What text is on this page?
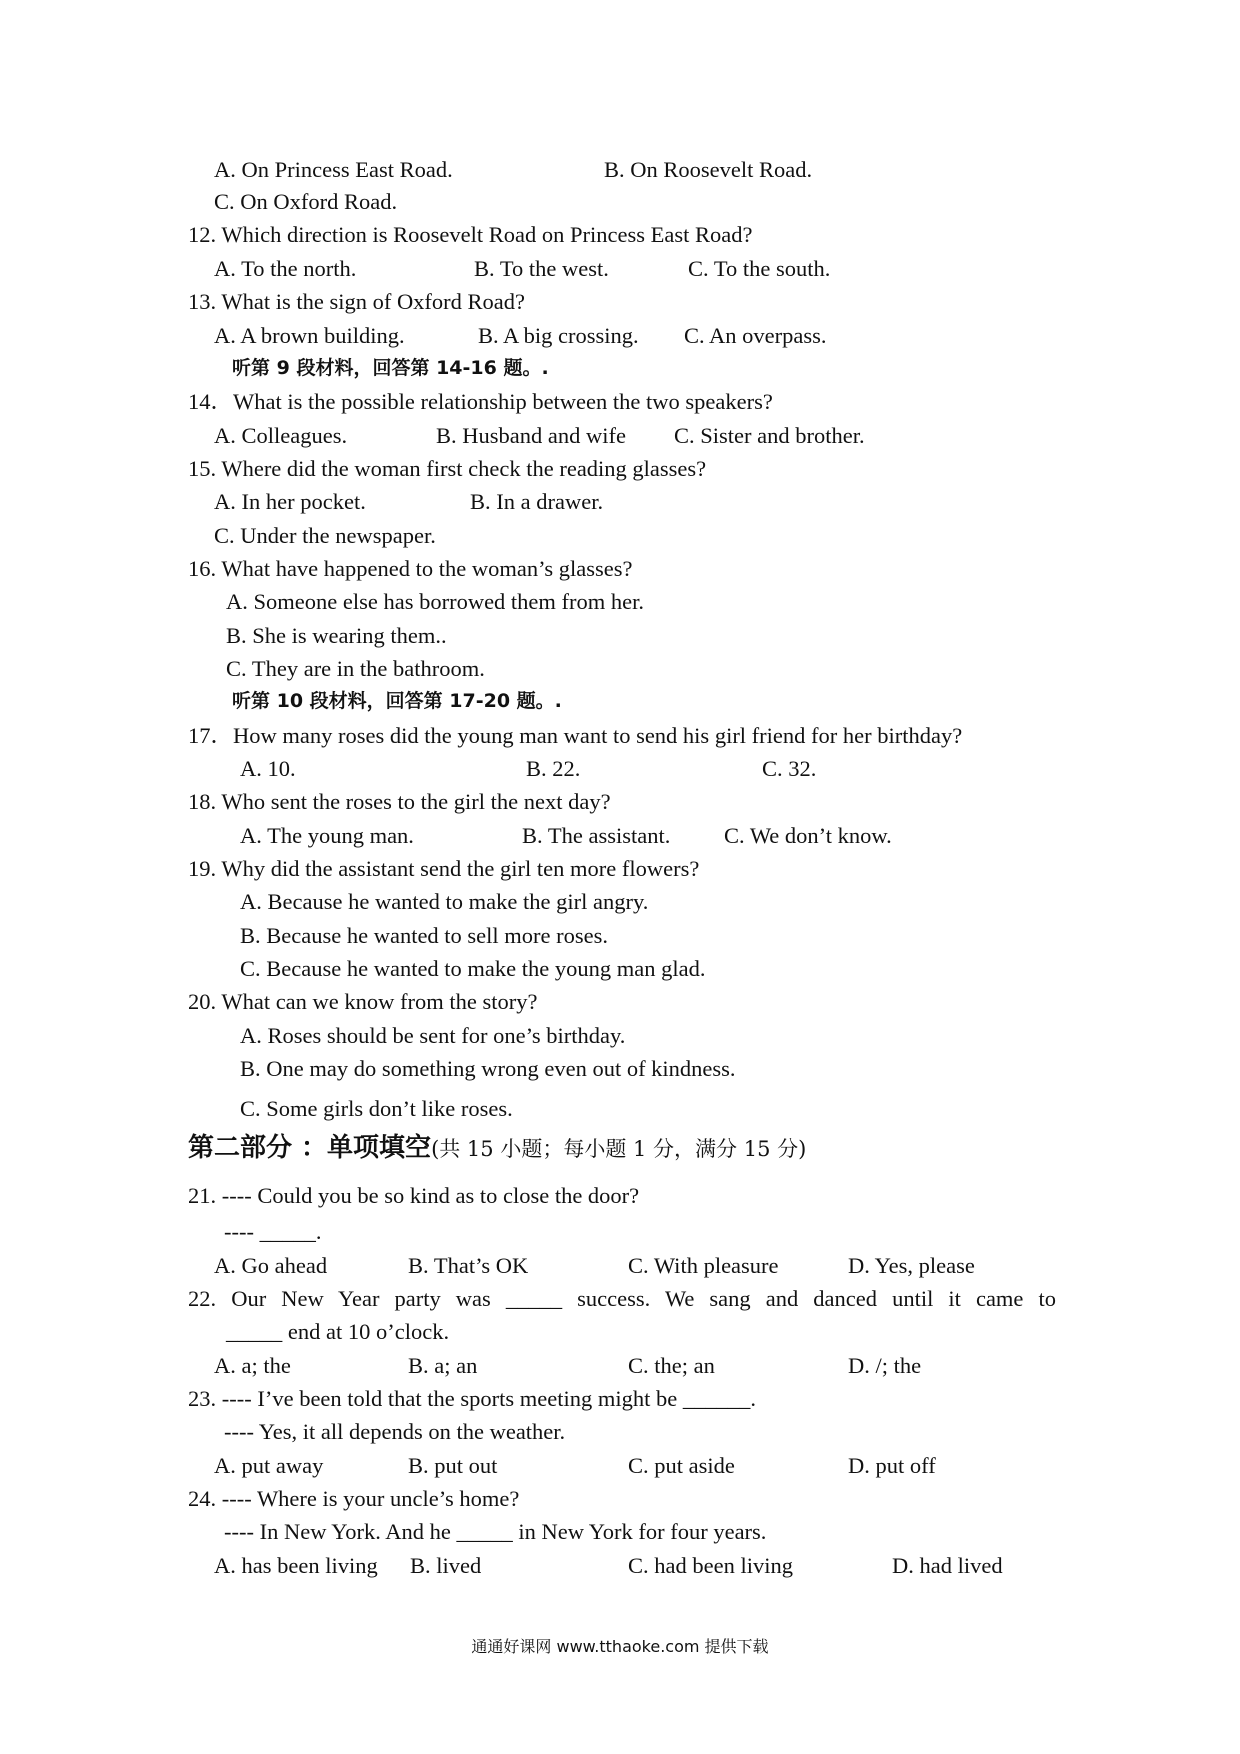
A. On Princess East Road.	B. On Roosevelt Road.
C. On Oxford Road.
12. Which direction is Roosevelt Road on Princess East Road?
A. To the north.	B. To the west.	C. To the south.
13. What is the sign of Oxford Road?
A. A brown building.	B. A big crossing. C. An overpass.
听第 9 段材料，回答第 14-16 题。.
14．What is the possible relationship between the two speakers?
A. Colleagues.	B. Husband and wife C. Sister and brother.
15. Where did the woman first check the reading glasses?
A. In her pocket.	B. In a drawer.
C. Under the newspaper.
16. What have happened to the woman’s glasses?
A. Someone else has borrowed them from her.
B. She is wearing them..
C. They are in the bathroom.
听第 10 段材料，回答第 17-20 题。.
17．How many roses did the young man want to send his girl friend for her birthday?
A. 10.	B. 22.	C. 32.
18. Who sent the roses to the girl the next day?
A. The young man.	B. The assistant. C. We don’t know.
19. Why did the assistant send the girl ten more flowers?
A. Because he wanted to make the girl angry.
B. Because he wanted to sell more roses.
C. Because he wanted to make the young man glad.
20. What can we know from the story?
A. Roses should be sent for one’s birthday.
B. One may do something wrong even out of kindness.
C. Some girls don’t like roses.
第二部分 ：单项填空(共 15 小题；每小题 1 分，满分 15 分)
21. ---- Could you be so kind as to close the door?
---- _____.
A. Go ahead	B. That’s OK	C. With pleasure	D. Yes, please
22. Our New Year party was _____ success. We sang and danced until it came to
_____ end at 10 o’clock.
A. a; the	B. a; an	C. the; an	D. /; the
23. ---- I’ve been told that the sports meeting might be ______.
---- Yes, it all depends on the weather.
A. put away	B. put out	C. put aside	D. put off
24. ---- Where is your uncle’s home?
---- In New York. And he _____ in New York for four years.
A. has been living B. lived	C. had been living	D. had lived
通通好课网 www.tthaoke.com 提供下载
